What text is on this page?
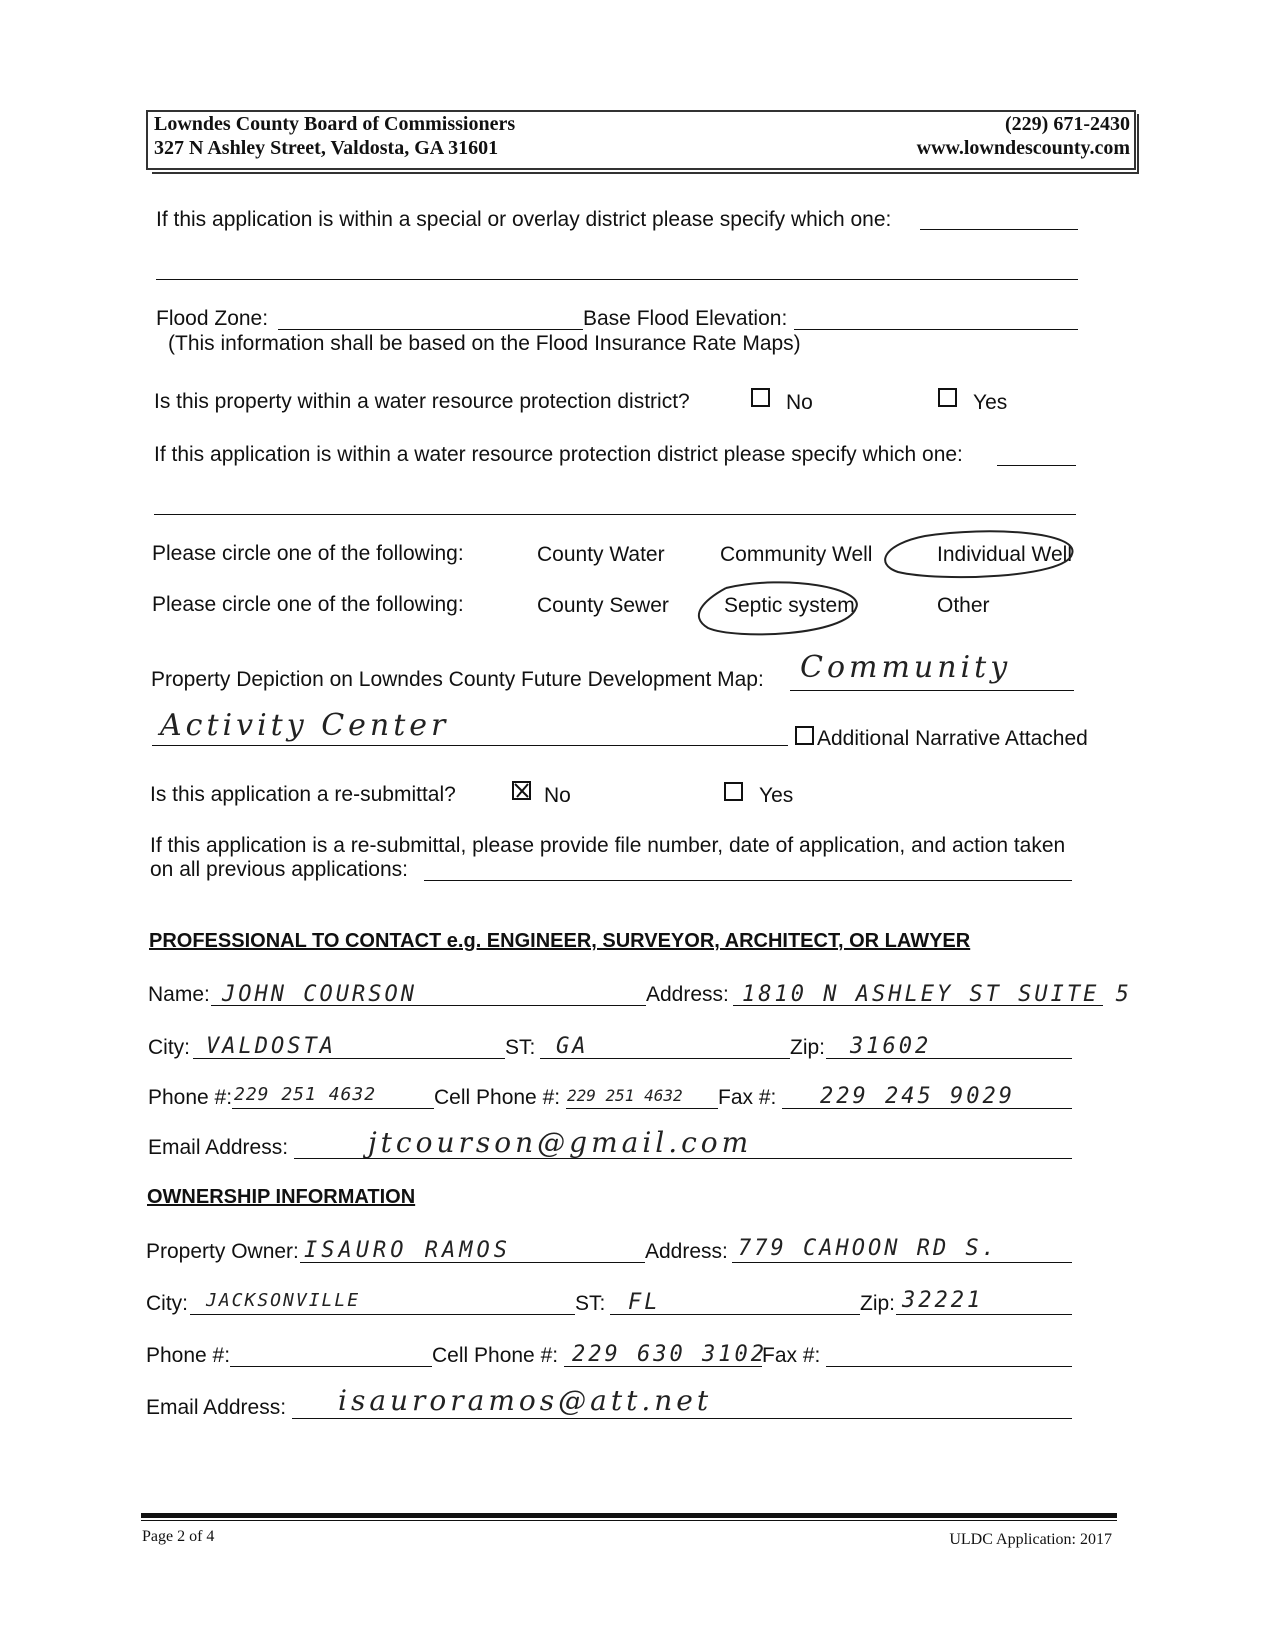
Lowndes County Board of Commissioners
327 N Ashley Street, Valdosta, GA 31601
(229) 671-2430
www.lowndescounty.com
If this application is within a special or overlay district please specify which one:
Flood Zone:	Base Flood Elevation:
(This information shall be based on the Flood Insurance Rate Maps)
Is this property within a water resource protection district?	No	Yes
If this application is within a water resource protection district please specify which one:
Please circle one of the following:	County Water	Community Well	Individual Well
Please circle one of the following:	County Sewer	Septic system	Other
Property Depiction on Lowndes County Future Development Map: Community
Activity Center	Additional Narrative Attached
Is this application a re-submittal?	No	Yes
If this application is a re-submittal, please provide file number, date of application, and action taken
on all previous applications:
PROFESSIONAL TO CONTACT e.g. ENGINEER, SURVEYOR, ARCHITECT, OR LAWYER
Name: JOHN COURSON	Address: 1810 N ASHLEY ST SUITE 5
City: VALDOSTA	ST: GA	Zip: 31602
Phone #: 229 251 4632	Cell Phone #: 229 251 4632 Fax #: 229 245 9029
Email Address:	jtcourson@gmail.com
OWNERSHIP INFORMATION
Property Owner: ISAURO RAMOS	Address: 779 CAHOON RD S.
City: JACKSONVILLE	ST: FL	Zip: 32221
Phone #:	Cell Phone #: 229 630 3102
Fax #:
Email Address: isauroramos@att.net
Page 2 of 4	ULDC Application: 2017
